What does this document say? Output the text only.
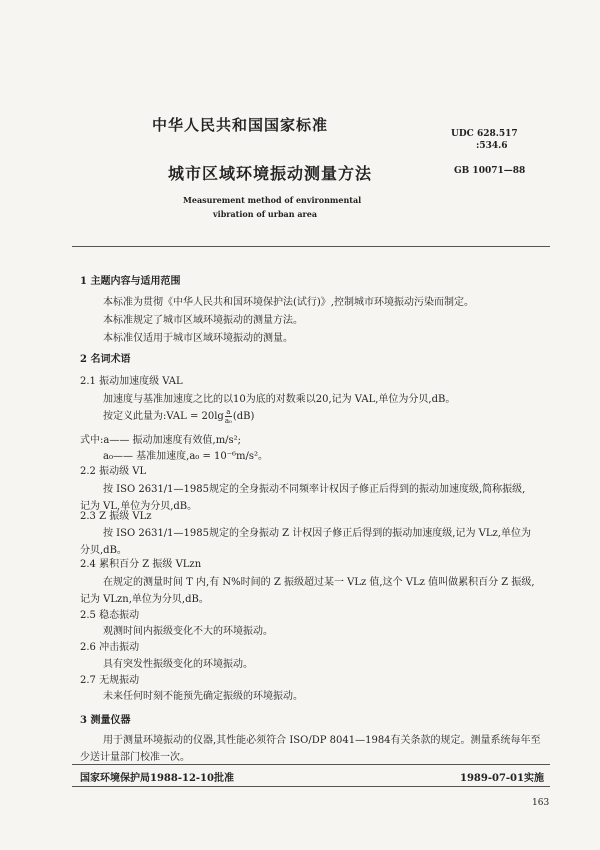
中华人民共和国国家标准	UDC 628.517
:534.6
城市区域环境振动测量方法	GB 10071—88
Measurement method of environmental
vibration of urban area
1 主题内容与适用范围
本标准为贯彻《中华人民共和国环境保护法(试行)》,控制城市环境振动污染而制定。
本标准规定了城市区域环境振动的测量方法。
本标准仅适用于城市区域环境振动的测量。
2 名词术语
2.1 振动加速度级 VAL
加速度与基准加速度之比的以10为底的对数乘以20,记为 VAL,单位为分贝,dB。
按定义此量为:VAL = $20\lg \frac{a}{\text{a₀}} (dB)$
式中:a—— 振动加速度有效值,m/s²;
a₀—— 基准加速度,a₀ = 10⁻⁶m/s²。
2.2 振动级 VL
按 ISO 2631/1—1985规定的全身振动不同频率计权因子修正后得到的振动加速度级,简称振级,
记为 VL,单位为分贝,dB。
2.3 Z 振级 VLz
按 ISO 2631/1—1985规定的全身振动 Z 计权因子修正后得到的振动加速度级,记为 VLz,单位为
分贝,dB。
2.4 累积百分 Z 振级 VLzn
在规定的测量时间 T 内,有 N%时间的 Z 振级超过某一 VLz 值,这个 VLz 值叫做累积百分 Z 振级,
记为 VLzn,单位为分贝,dB。
2.5 稳态振动
观测时间内振级变化不大的环境振动。
2.6 冲击振动
具有突发性振级变化的环境振动。
2.7 无规振动
未来任何时刻不能预先确定振级的环境振动。
3 测量仪器
用于测量环境振动的仪器,其性能必须符合 ISO/DP 8041—1984有关条款的规定。测量系统每年至
少送计量部门校准一次。
国家环境保护局1988-12-10批准	1989-07-01实施
163
